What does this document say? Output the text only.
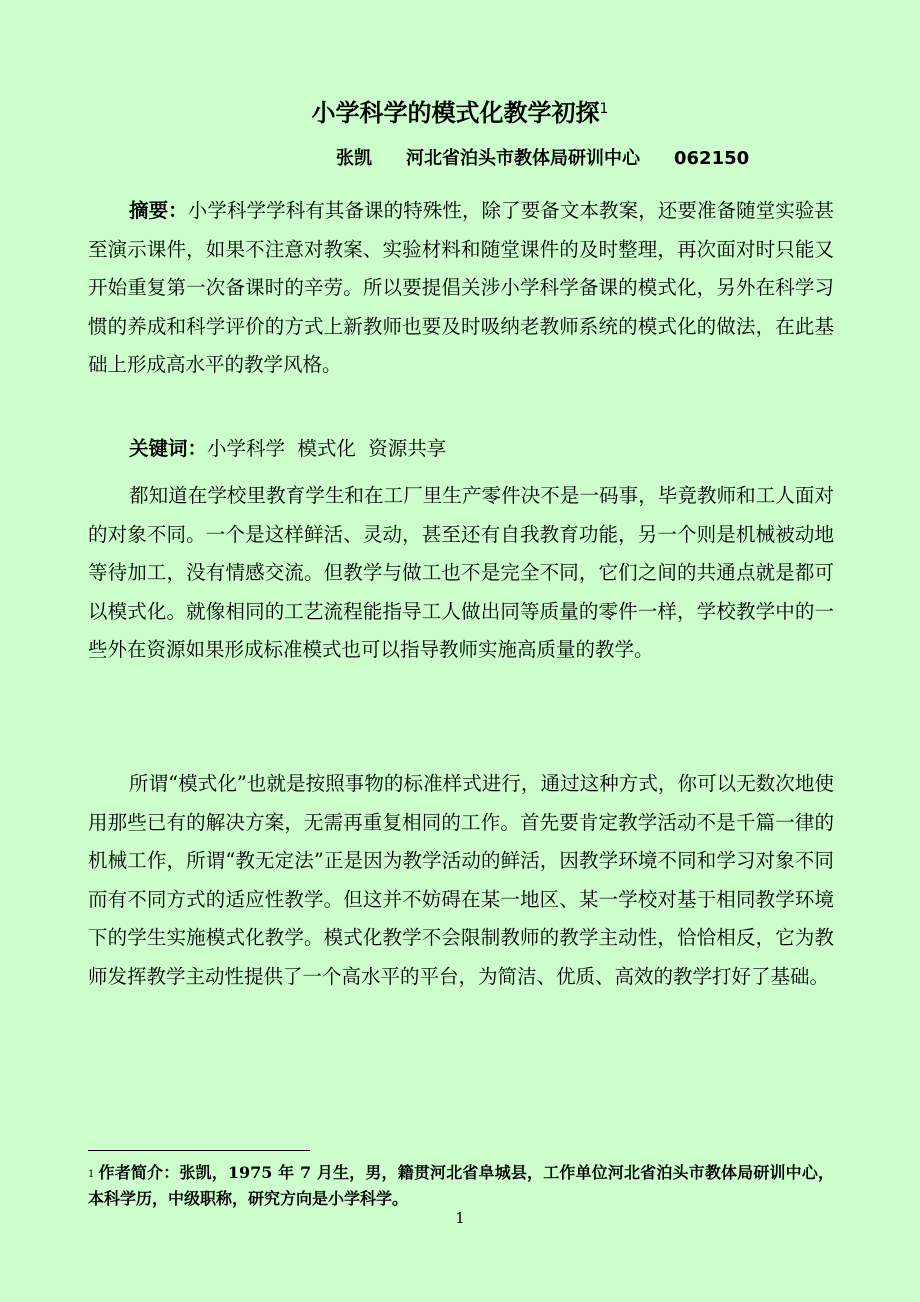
小学科学的模式化教学初探$^1$
张凯 河北省泊头市教体局研训中心 062150

摘要：小学科学学科有其备课的特殊性，除了要备文本教案，还要准备随堂实验甚至演示课件，如果不注意对教案、实验材料和随堂课件的及时整理，再次面对时只能又开始重复第一次备课时的辛劳。所以要提倡关涉小学科学备课的模式化，另外在科学习惯的养成和科学评价的方式上新教师也要及时吸纳老教师系统的模式化的做法，在此基础上形成高水平的教学风格。

关键词：小学科学  模式化  资源共享

都知道在学校里教育学生和在工厂里生产零件决不是一码事，毕竟教师和工人面对的对象不同。一个是这样鲜活、灵动，甚至还有自我教育功能，另一个则是机械被动地等待加工，没有情感交流。但教学与做工也不是完全不同，它们之间的共通点就是都可以模式化。就像相同的工艺流程能指导工人做出同等质量的零件一样，学校教学中的一些外在资源如果形成标准模式也可以指导教师实施高质量的教学。

所谓“模式化”也就是按照事物的标准样式进行，通过这种方式，你可以无数次地使用那些已有的解决方案，无需再重复相同的工作。首先要肯定教学活动不是千篇一律的机械工作，所谓“教无定法”正是因为教学活动的鲜活，因教学环境不同和学习对象不同而有不同方式的适应性教学。但这并不妨碍在某一地区、某一学校对基于相同教学环境下的学生实施模式化教学。模式化教学不会限制教师的教学主动性，恰恰相反，它为教师发挥教学主动性提供了一个高水平的平台，为简洁、优质、高效的教学打好了基础。

$^1$ 作者简介：张凯，1975 年 7 月生，男，籍贯河北省阜城县，工作单位河北省泊头市教体局研训中心，本科学历，中级职称，研究方向是小学科学。

1
